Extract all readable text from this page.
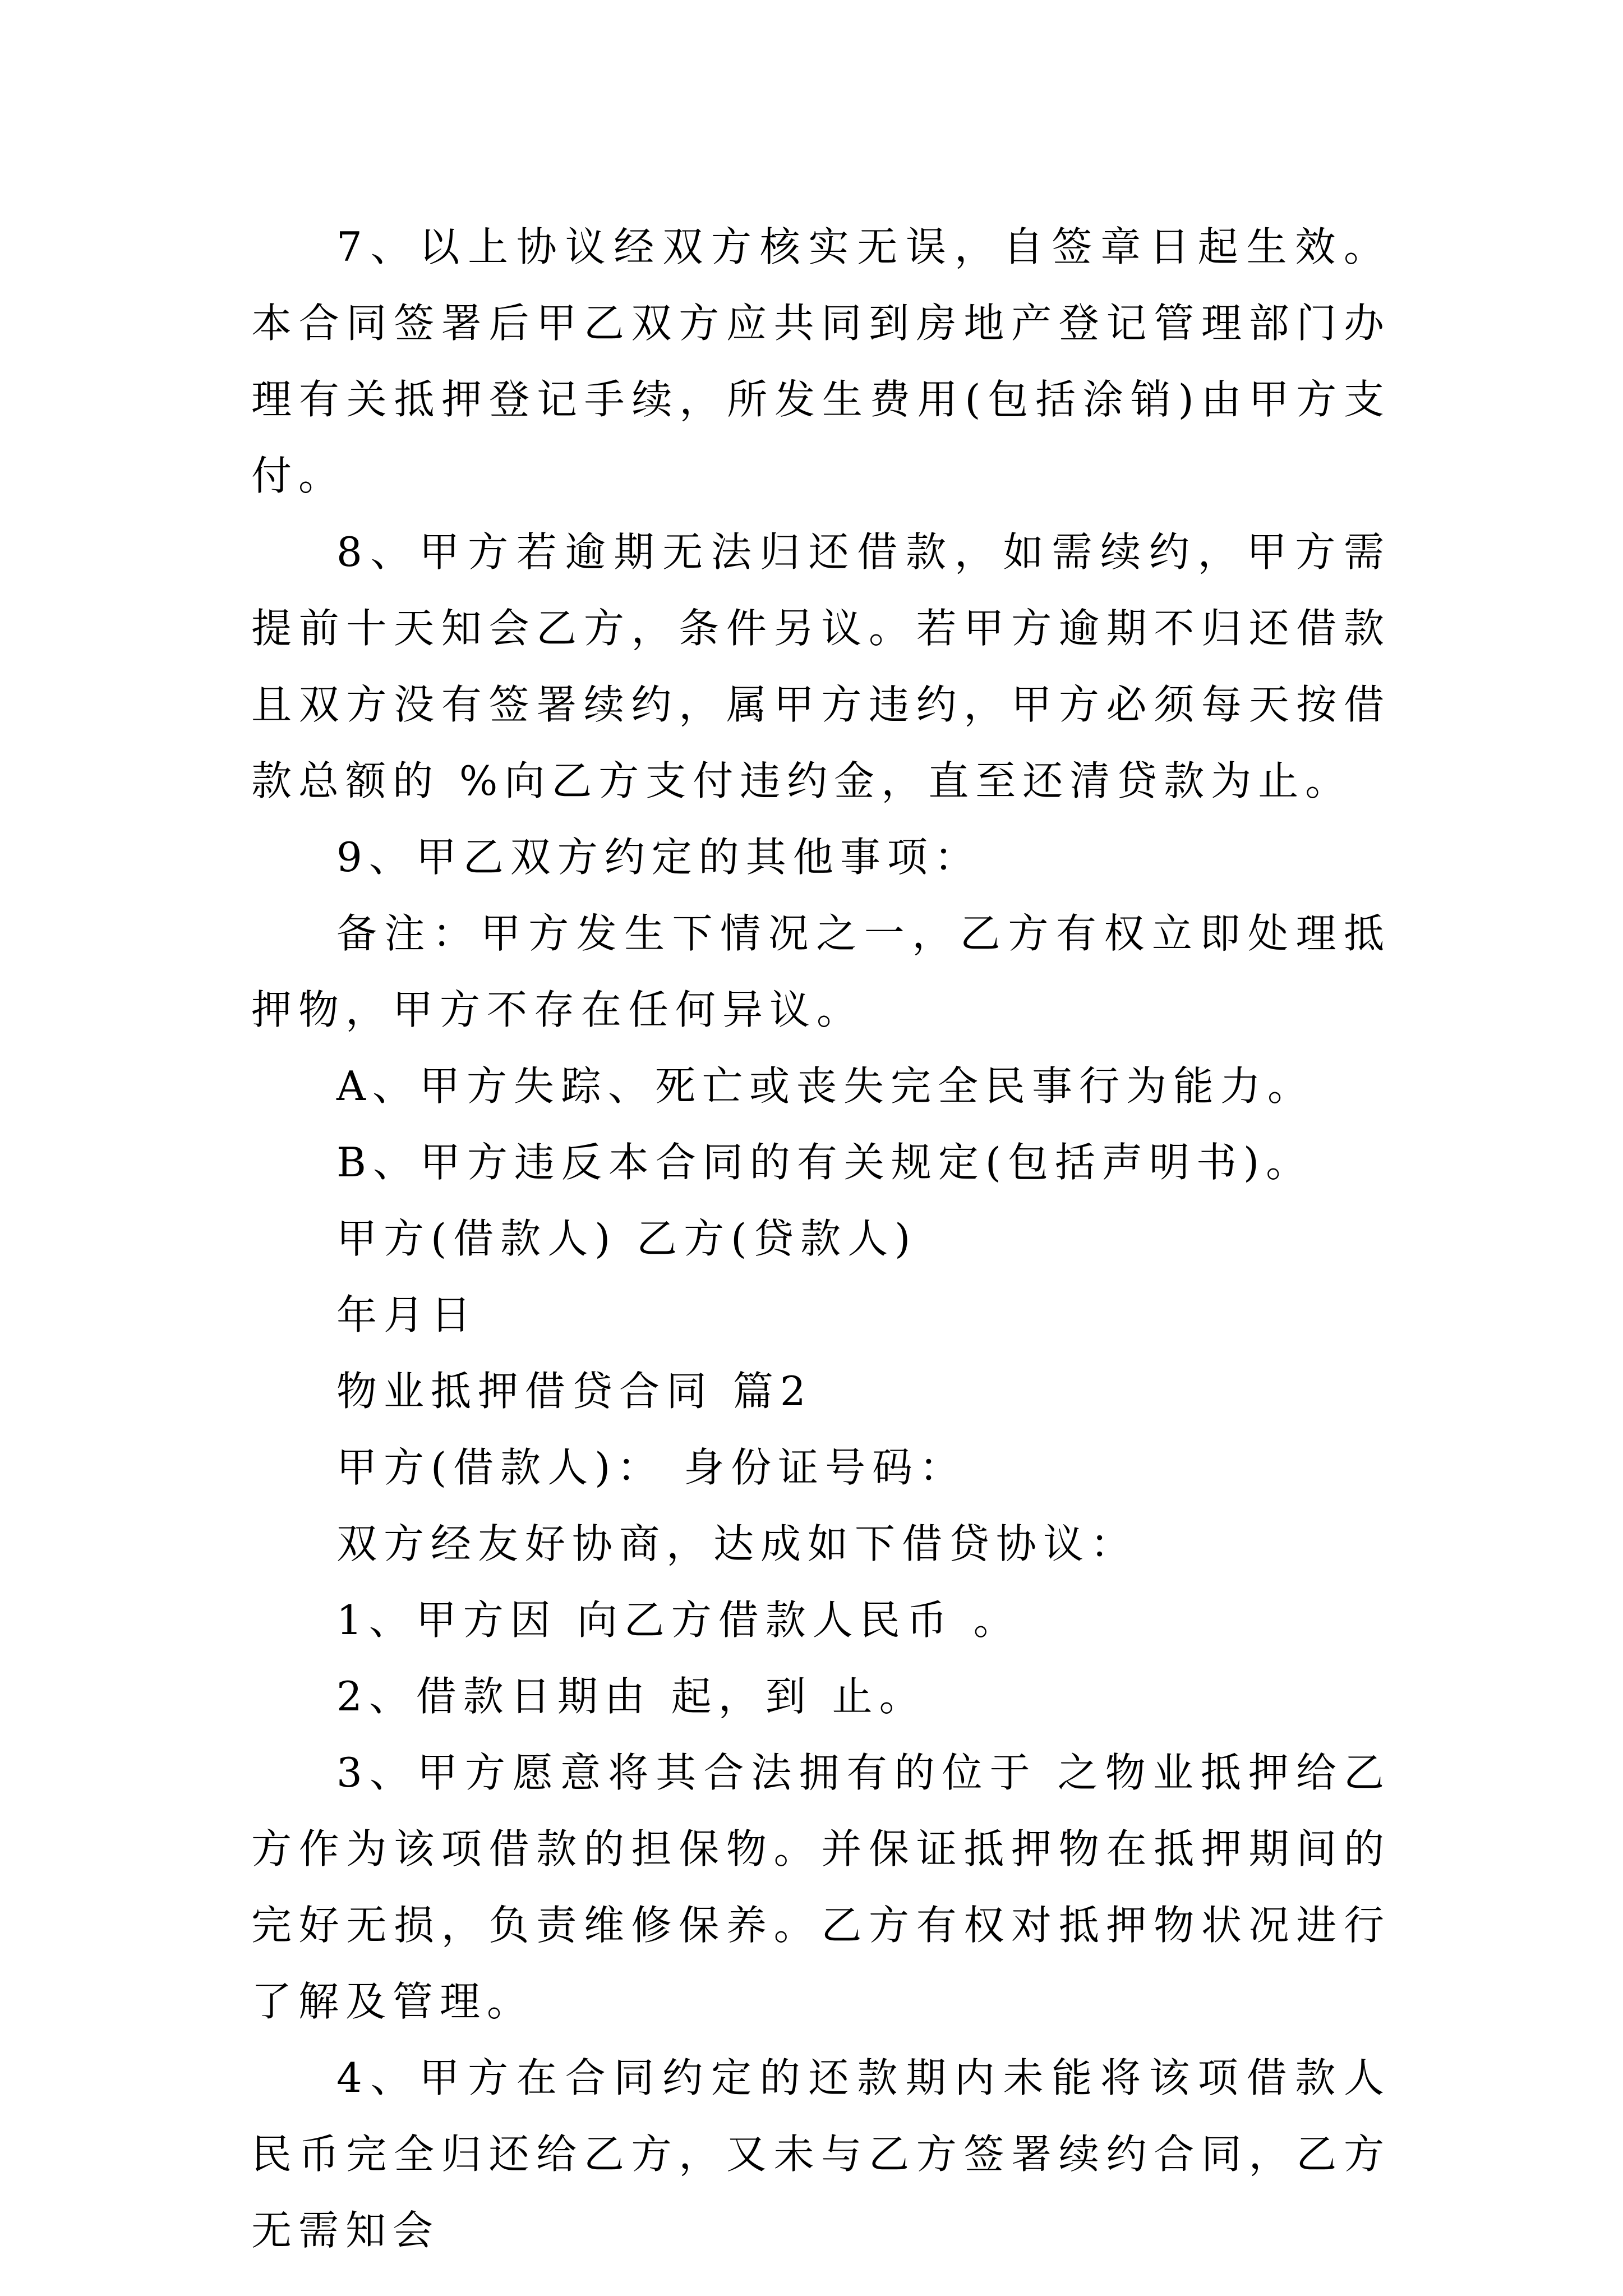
7、以上协议经双方核实无误，自签章日起生效。本合同签署后甲乙双方应共同到房地产登记管理部门办理有关抵押登记手续，所发生费用(包括涂销)由甲方支付。

8、甲方若逾期无法归还借款，如需续约，甲方需提前十天知会乙方，条件另议。若甲方逾期不归还借款且双方没有签署续约，属甲方违约，甲方必须每天按借款总额的 %向乙方支付违约金，直至还清贷款为止。

9、甲乙双方约定的其他事项：

备注：甲方发生下情况之一，乙方有权立即处理抵押物，甲方不存在任何异议。

A、甲方失踪、死亡或丧失完全民事行为能力。

B、甲方违反本合同的有关规定(包括声明书)。

甲方(借款人) 乙方(贷款人)

年月日

物业抵押借贷合同 篇2

甲方(借款人)： 身份证号码：

双方经友好协商，达成如下借贷协议：

1、甲方因 向乙方借款人民币 。

2、借款日期由 起，到 止。

3、甲方愿意将其合法拥有的位于 之物业抵押给乙方作为该项借款的担保物。并保证抵押物在抵押期间的完好无损，负责维修保养。乙方有权对抵押物状况进行了解及管理。

4、甲方在合同约定的还款期内未能将该项借款人民币完全归还给乙方，又未与乙方签署续约合同，乙方无需知会
